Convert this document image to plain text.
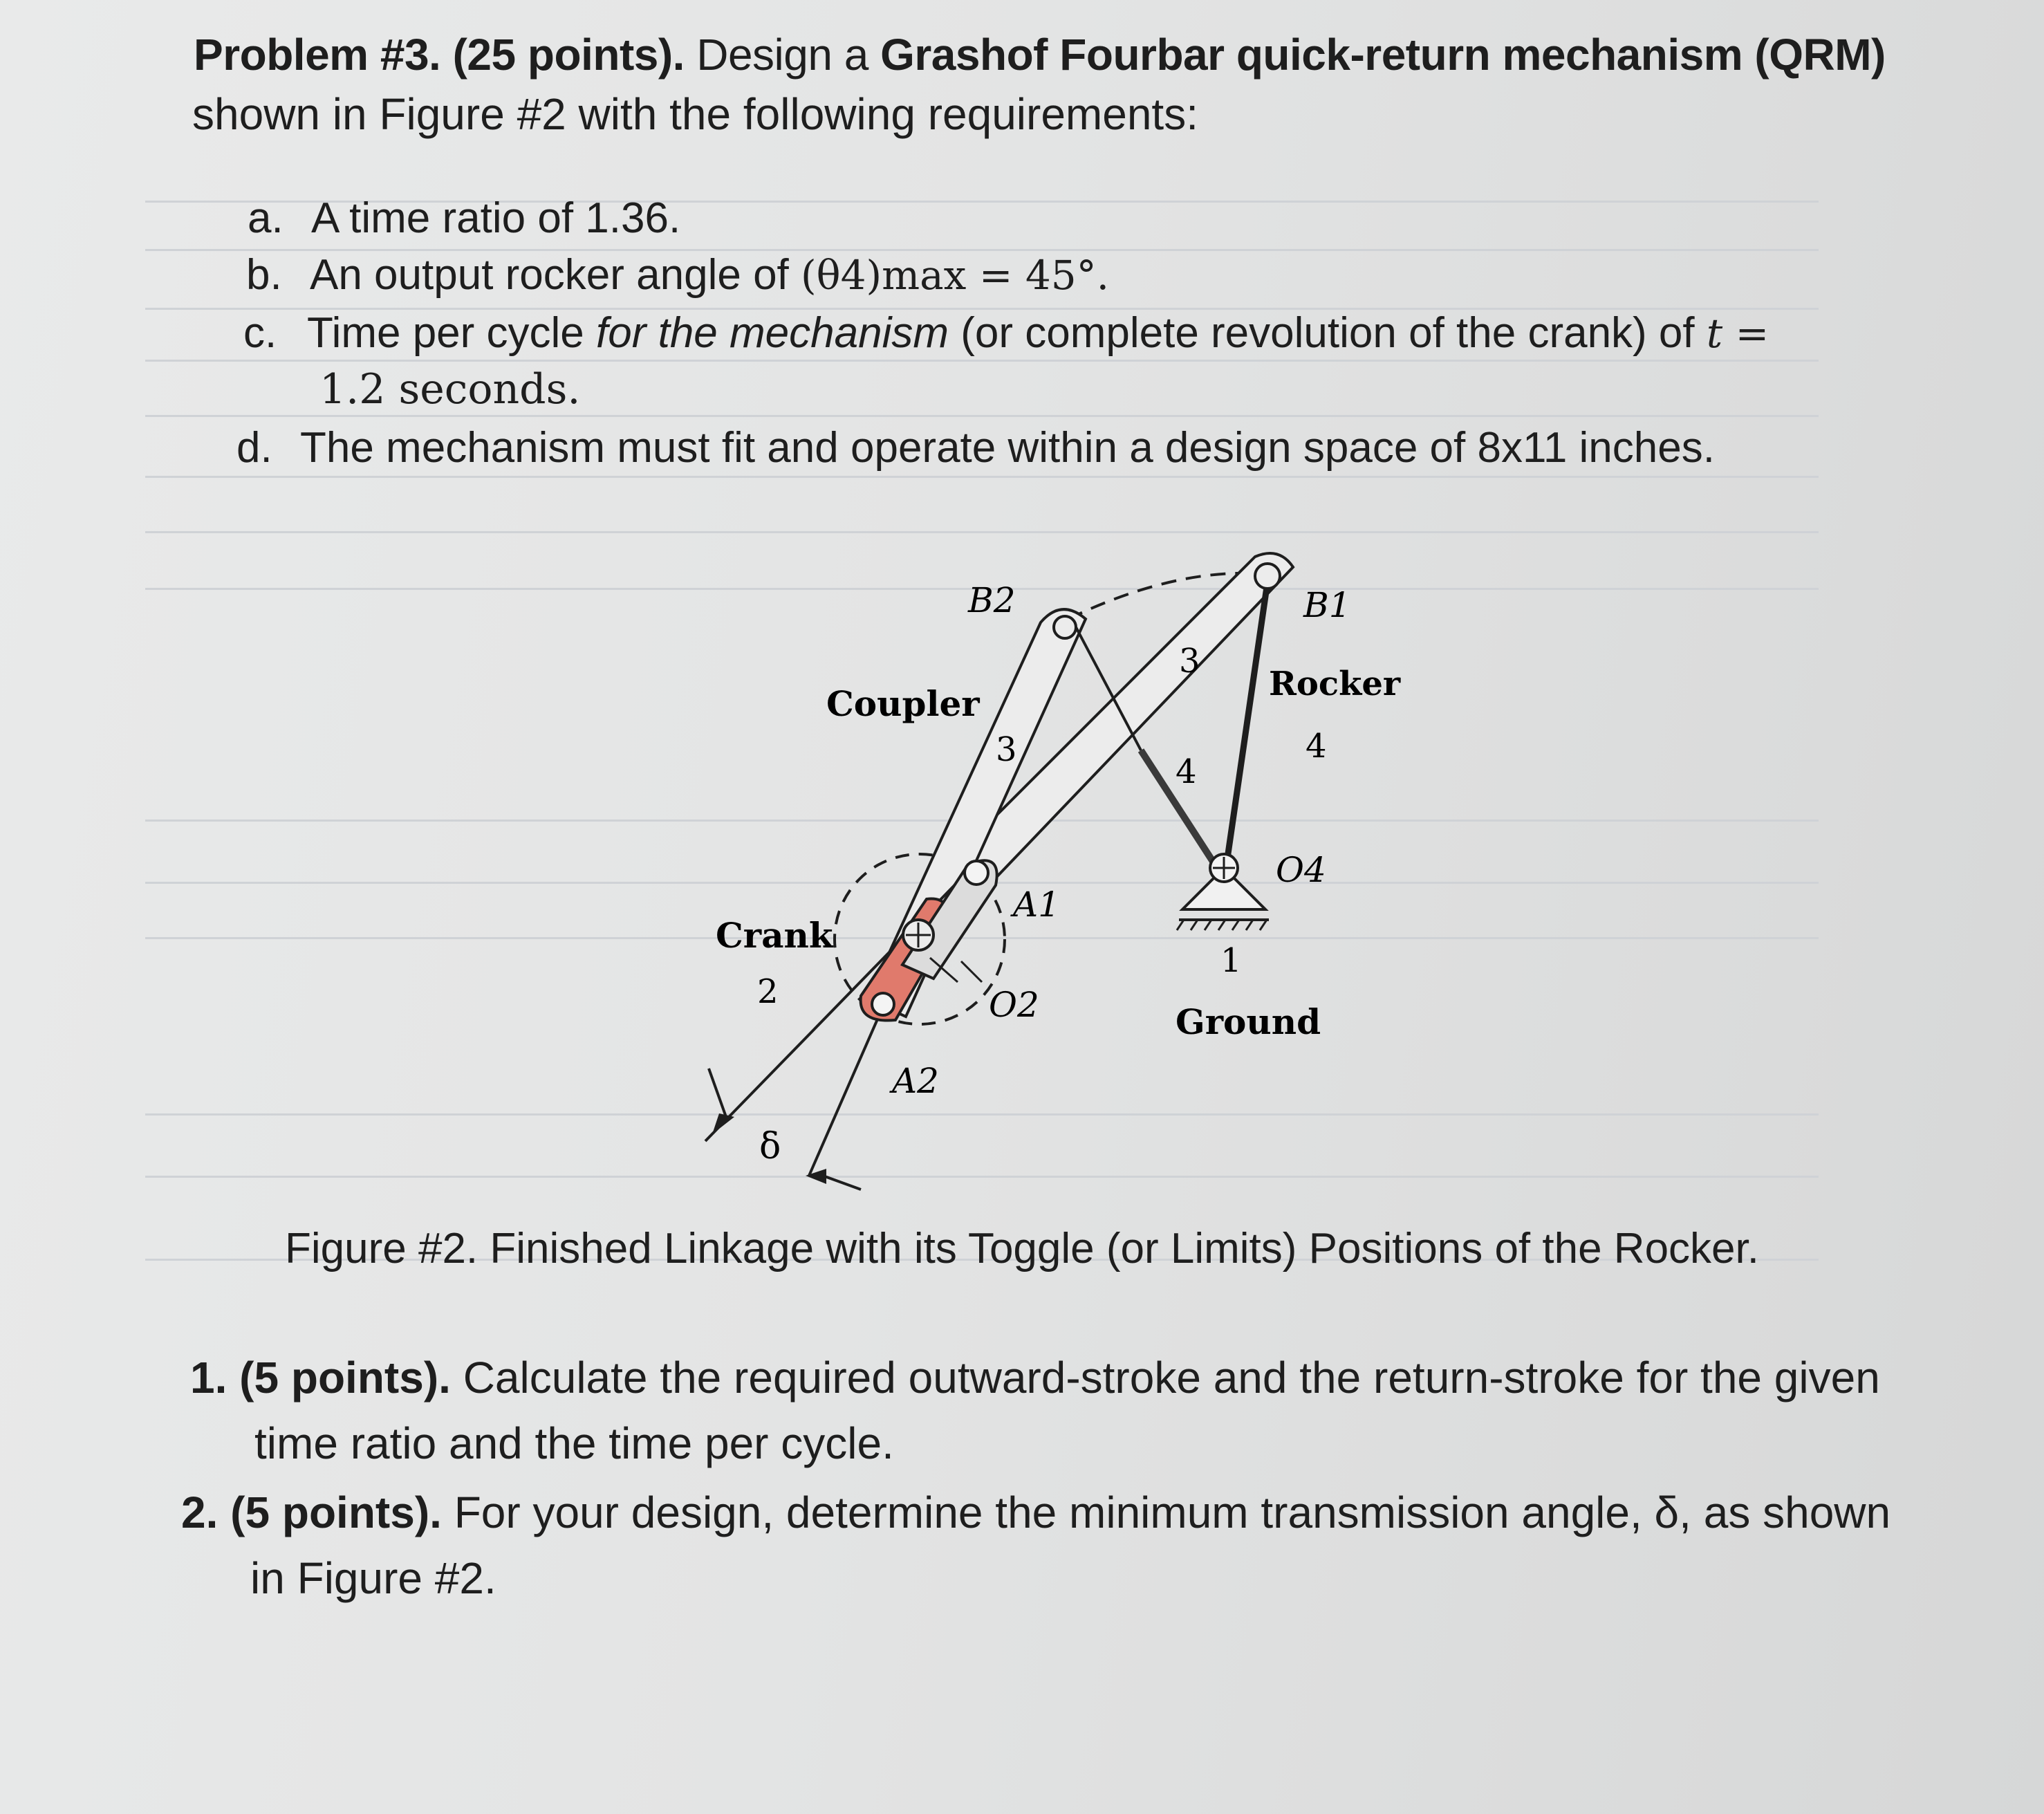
Problem #3. (25 points). Design a Grashof Fourbar quick-return mechanism (QRM)
shown in Figure #2 with the following requirements:
a. A time ratio of 1.36.
b. An output rocker angle of (θ4)max = 45°.
c. Time per cycle for the mechanism (or complete revolution of the crank) of t =
1.2 seconds.
d. The mechanism must fit and operate within a design space of 8x11 inches.
B2	B1
Coupler	Rocker
3
3
4
4
O4
A1
Crank
2	O2
1
Ground
A2
δ
Figure #2. Finished Linkage with its Toggle (or Limits) Positions of the Rocker.
1. (5 points). Calculate the required outward-stroke and the return-stroke for the given
time ratio and the time per cycle.
2. (5 points). For your design, determine the minimum transmission angle, δ, as shown
in Figure #2.
